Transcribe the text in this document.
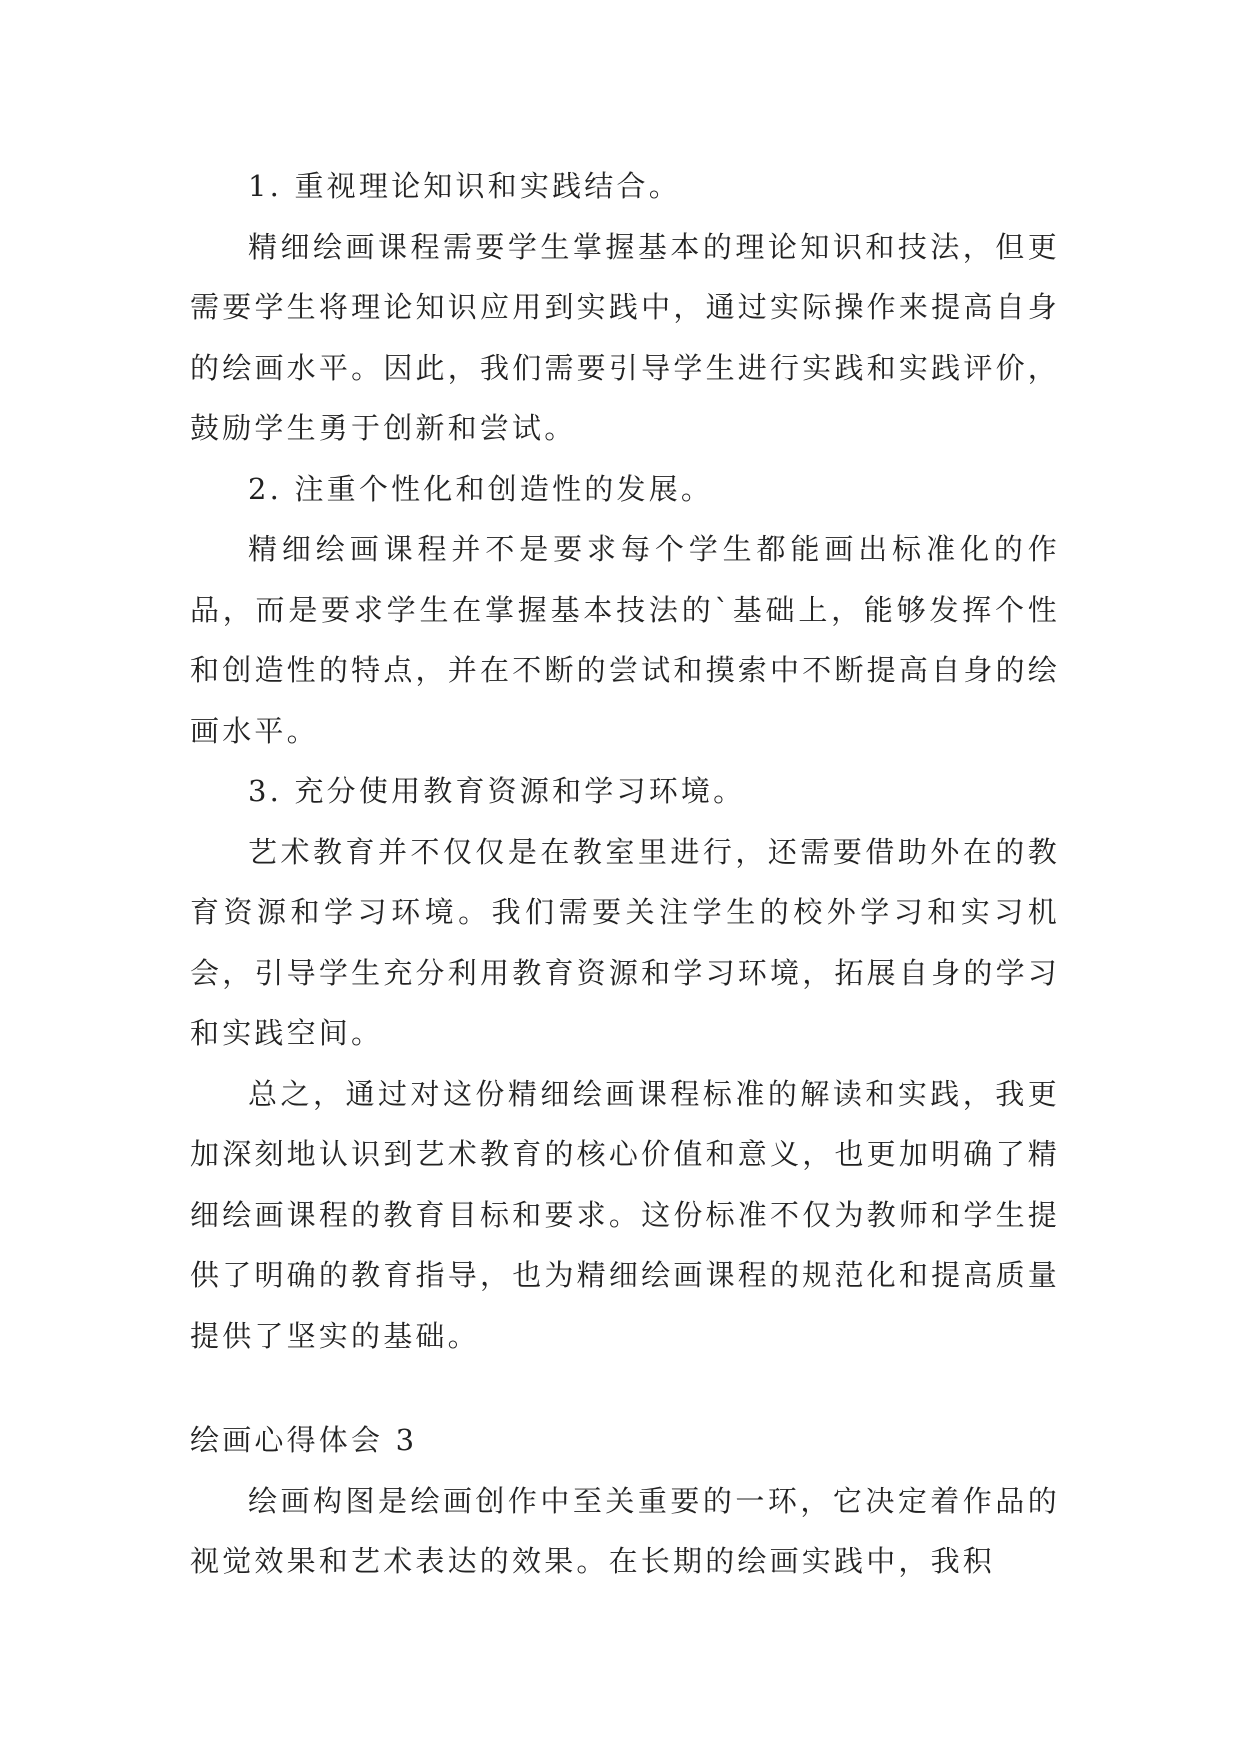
1. 重视理论知识和实践结合。

精细绘画课程需要学生掌握基本的理论知识和技法，但更需要学生将理论知识应用到实践中，通过实际操作来提高自身的绘画水平。因此，我们需要引导学生进行实践和实践评价，鼓励学生勇于创新和尝试。

2. 注重个性化和创造性的发展。

精细绘画课程并不是要求每个学生都能画出标准化的作品，而是要求学生在掌握基本技法的`基础上，能够发挥个性和创造性的特点，并在不断的尝试和摸索中不断提高自身的绘画水平。

3. 充分使用教育资源和学习环境。

艺术教育并不仅仅是在教室里进行，还需要借助外在的教育资源和学习环境。我们需要关注学生的校外学习和实习机会，引导学生充分利用教育资源和学习环境，拓展自身的学习和实践空间。

总之，通过对这份精细绘画课程标准的解读和实践，我更加深刻地认识到艺术教育的核心价值和意义，也更加明确了精细绘画课程的教育目标和要求。这份标准不仅为教师和学生提供了明确的教育指导，也为精细绘画课程的规范化和提高质量提供了坚实的基础。

绘画心得体会 3

绘画构图是绘画创作中至关重要的一环，它决定着作品的视觉效果和艺术表达的效果。在长期的绘画实践中，我积
